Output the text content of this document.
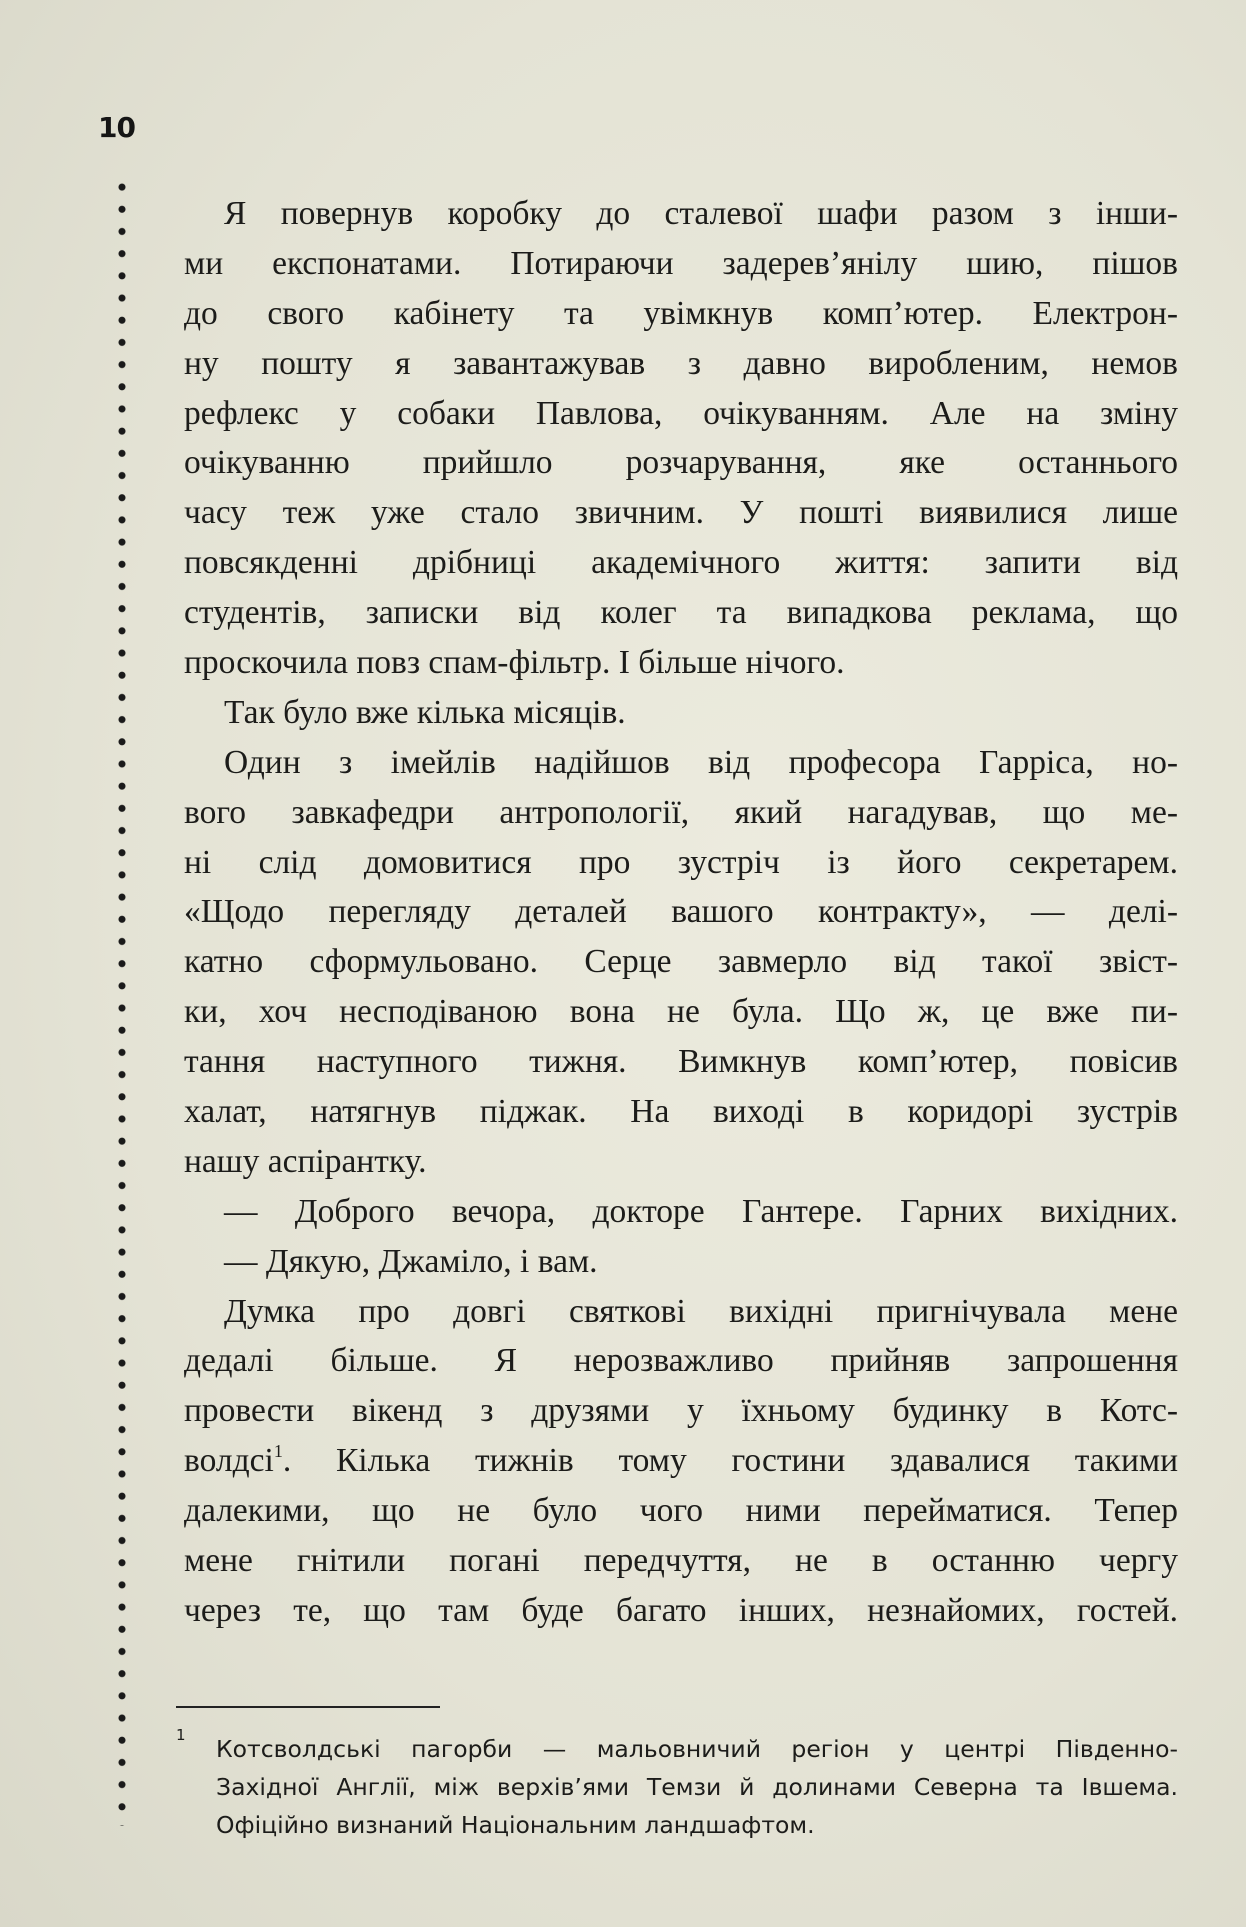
10
Я повернув коробку до сталевої шафи разом з інши-
ми експонатами. Потираючи задерев’янілу шию, пішов
до свого кабінету та увімкнув комп’ютер. Електрон-
ну пошту я завантажував з давно виробленим, немов
рефлекс у собаки Павлова, очікуванням. Але на зміну
очікуванню прийшло розчарування, яке останнього
часу теж уже стало звичним. У пошті виявилися лише
повсякденні дрібниці академічного життя: запити від
студентів, записки від колег та випадкова реклама, що
проскочила повз спам-фільтр. І більше нічого.
Так було вже кілька місяців.
Один з імейлів надійшов від професора Гарріса, но-
вого завкафедри антропології, який нагадував, що ме-
ні слід домовитися про зустріч із його секретарем.
«Щодо перегляду деталей вашого контракту», — делі-
катно сформульовано. Серце завмерло від такої звіст-
ки, хоч несподіваною вона не була. Що ж, це вже пи-
тання наступного тижня. Вимкнув комп’ютер, повісив
халат, натягнув піджак. На виході в коридорі зустрів
нашу аспірантку.
— Доброго вечора, докторе Гантере. Гарних вихідних.
— Дякую, Джаміло, і вам.
Думка про довгі святкові вихідні пригнічувала мене
дедалі більше. Я нерозважливо прийняв запрошення
провести вікенд з друзями у їхньому будинку в Котс-
волдсі$^1$. Кілька тижнів тому гостини здавалися такими
далекими, що не було чого ними перейматися. Тепер
мене гнітили погані передчуття, не в останню чергу
через те, що там буде багато інших, незнайомих, гостей.
1 Котсволдські пагорби — мальовничий регіон у центрі Південно-
Західної Англії, між верхів’ями Темзи й долинами Северна та Івшема.
Офіційно визнаний Національним ландшафтом.
